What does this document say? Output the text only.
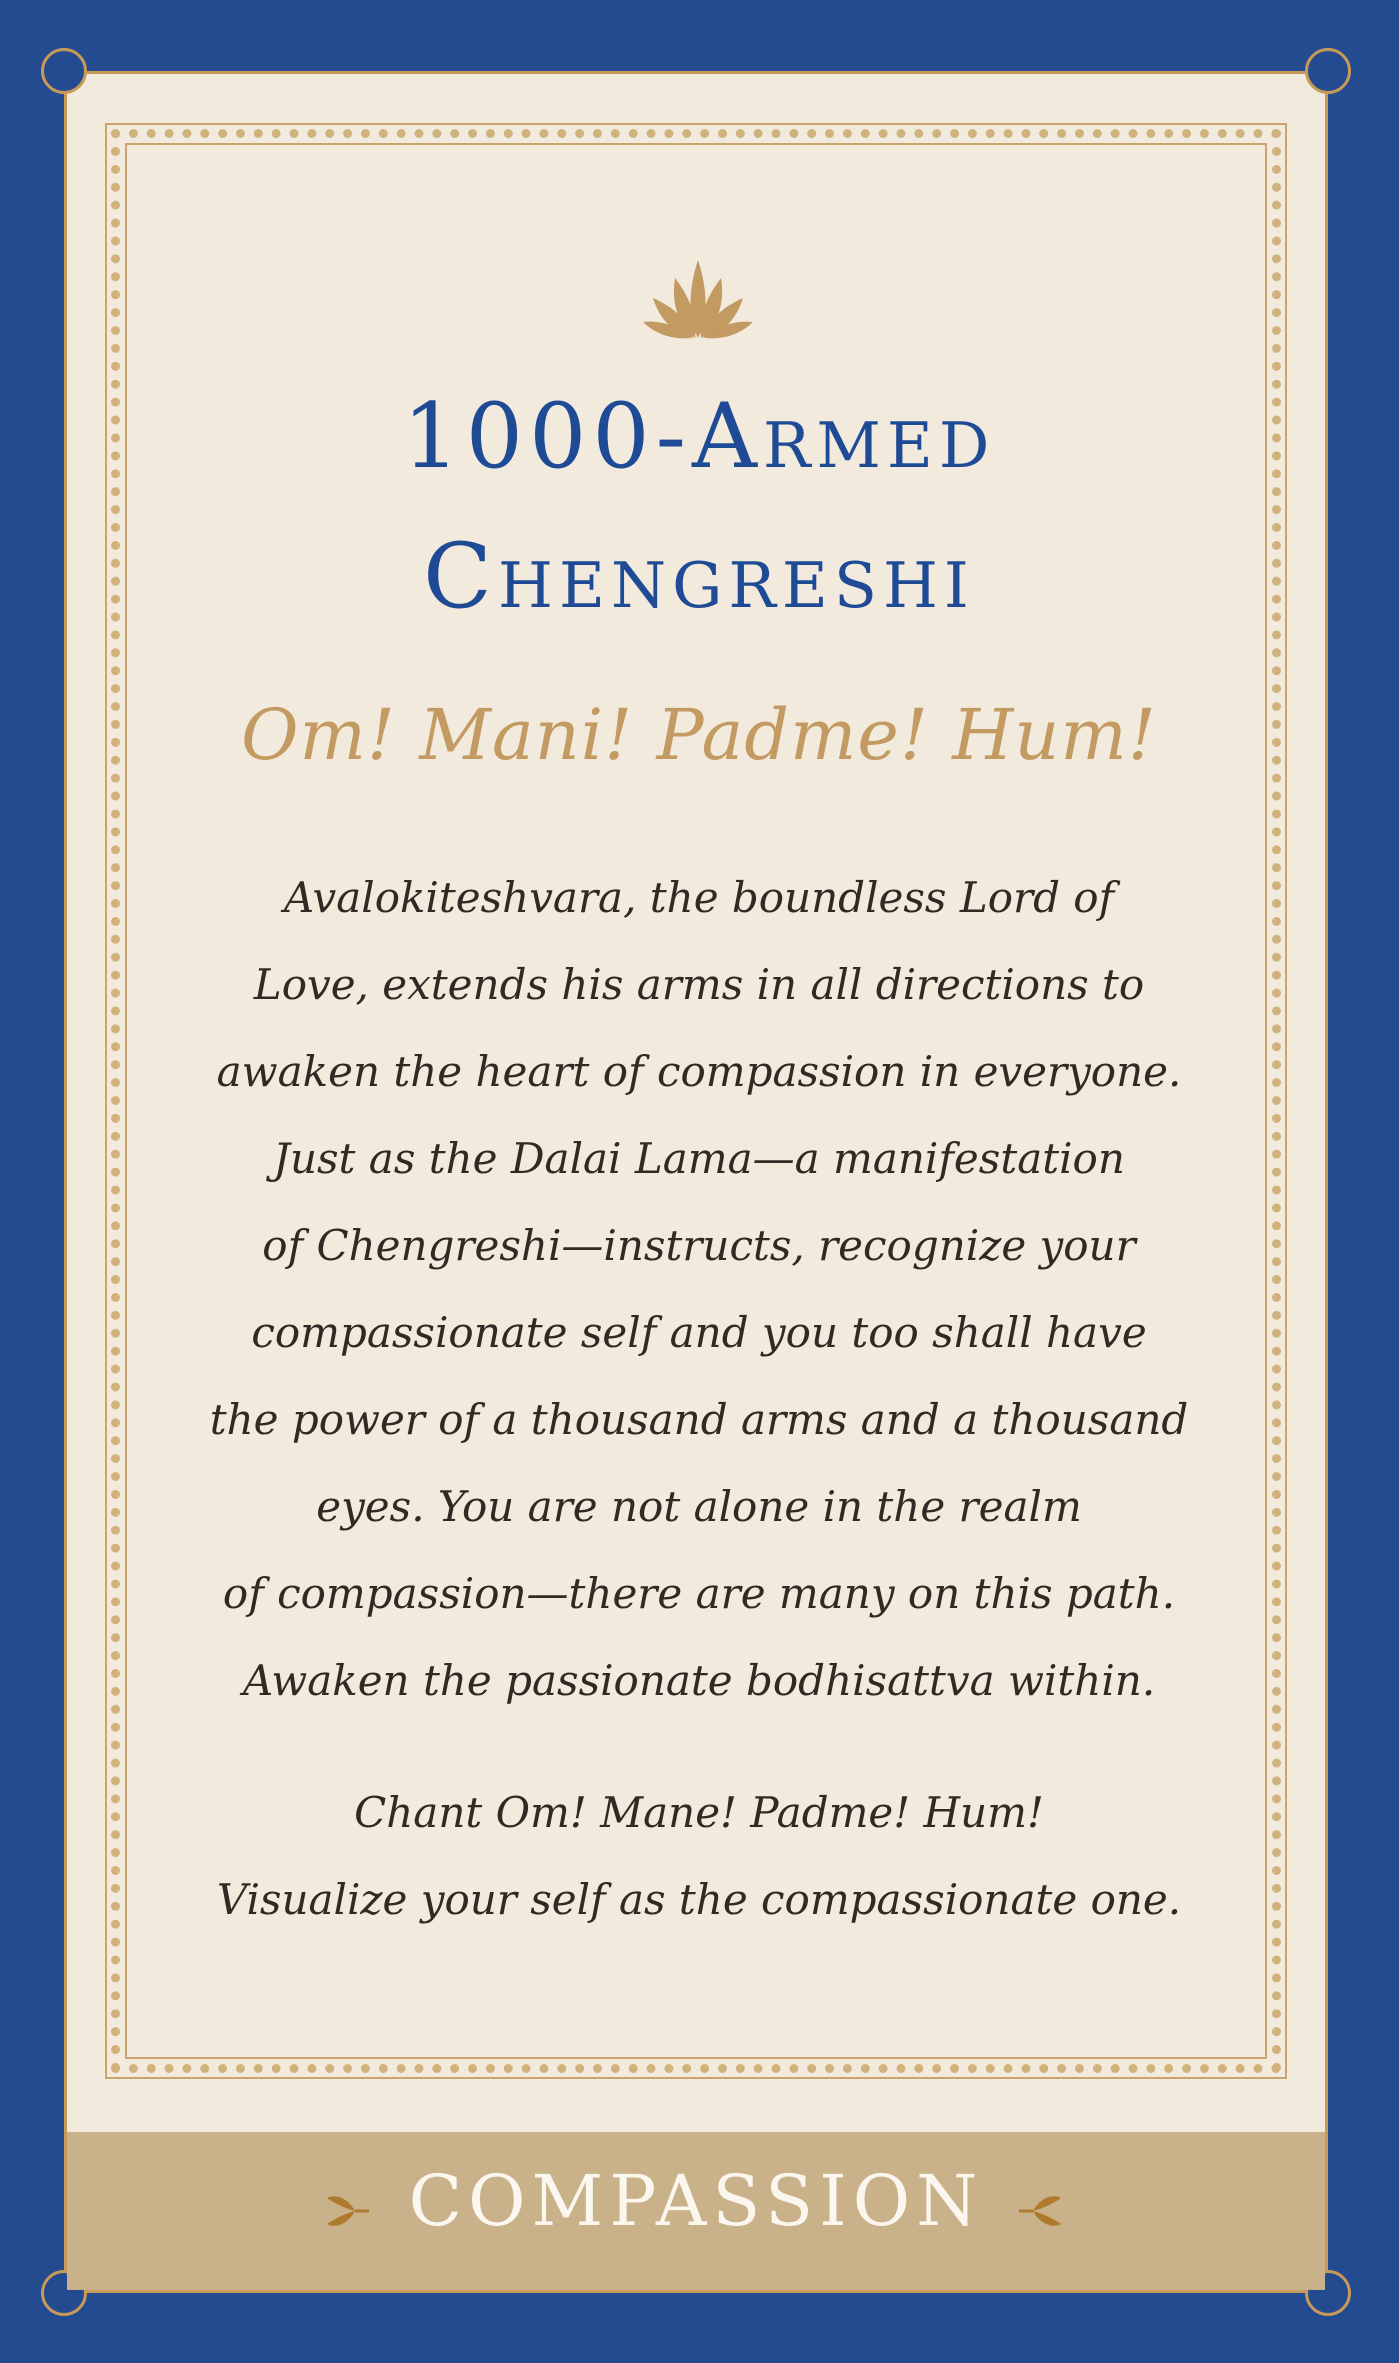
1000-Armed
Chengreshi
Om! Mani! Padme! Hum!
Avalokiteshvara, the boundless Lord of
Love, extends his arms in all directions to
awaken the heart of compassion in everyone.
Just as the Dalai Lama—a manifestation
of Chengreshi—instructs, recognize your
compassionate self and you too shall have
the power of a thousand arms and a thousand
eyes. You are not alone in the realm
of compassion—there are many on this path.
Awaken the passionate bodhisattva within.
Chant Om! Mane! Padme! Hum!
Visualize your self as the compassionate one.
COMPASSION
